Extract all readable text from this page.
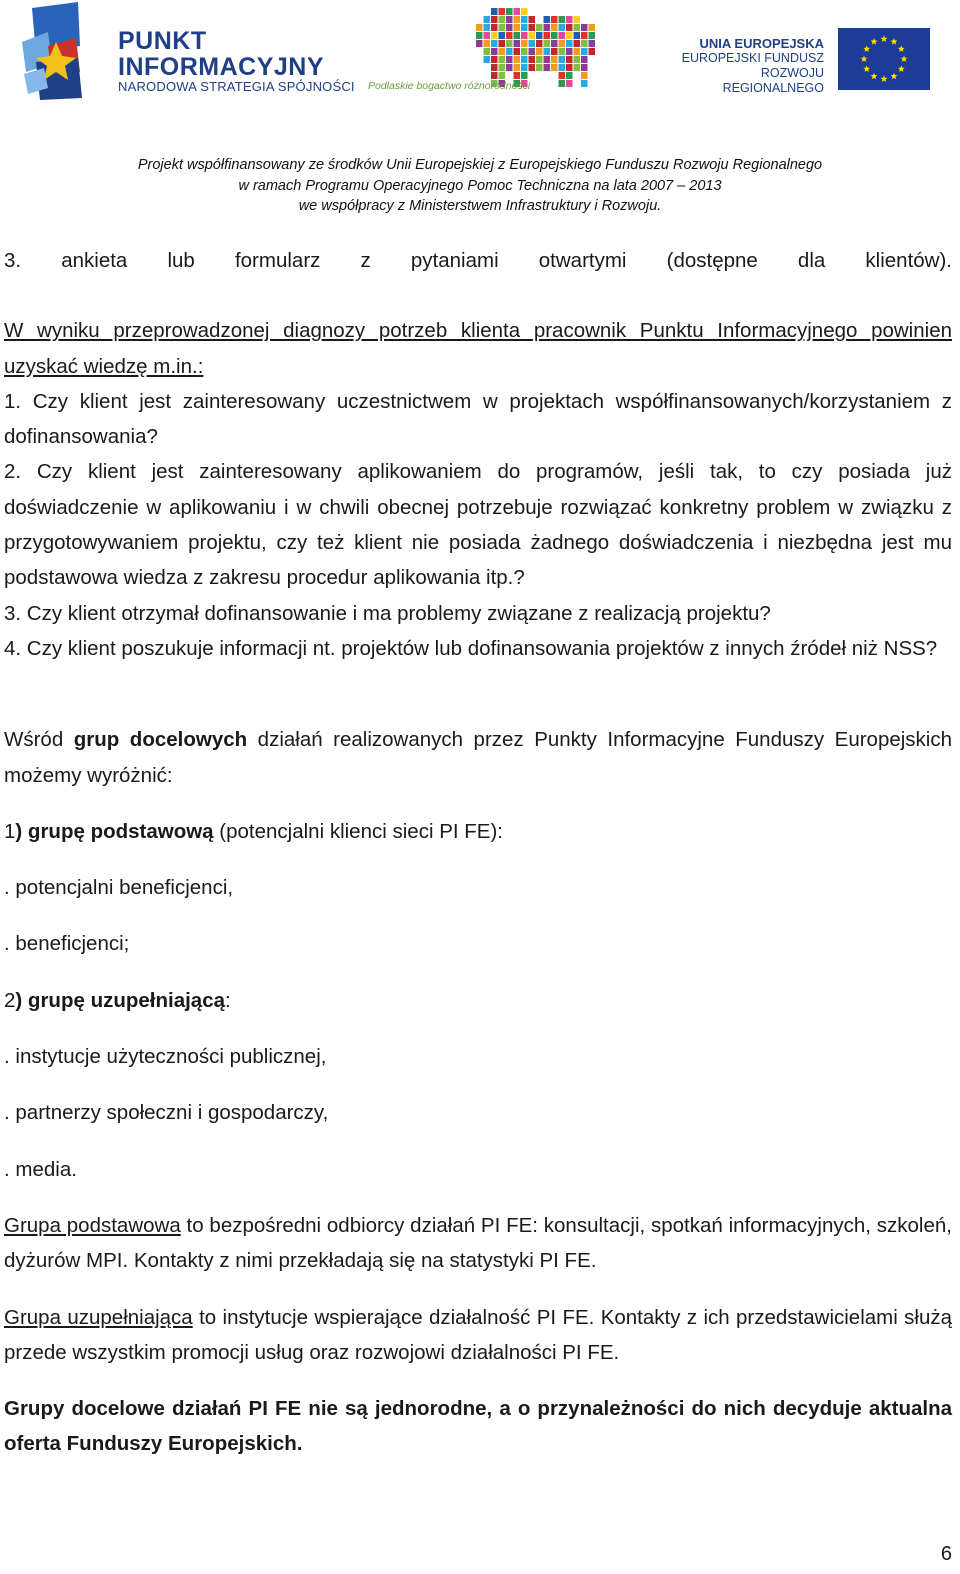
PUNKT
INFORMACYJNY
NARODOWA STRATEGIA SPÓJNOŚCI Podlaskie bogactwo różnorodności
UNIA EUROPEJSKA
EUROPEJSKI FUNDUSZ
ROZWOJU REGIONALNEGO
Projekt współfinansowany ze środków Unii Europejskiej z Europejskiego Funduszu Rozwoju Regionalnego
w ramach Programu Operacyjnego Pomoc Techniczna na lata 2007 – 2013
we współpracy z Ministerstwem Infrastruktury i Rozwoju.

3. ankieta lub formularz z pytaniami otwartymi (dostępne dla klientów).

W wyniku przeprowadzonej diagnozy potrzeb klienta pracownik Punktu Informacyjnego powinien uzyskać wiedzę m.in.:

1. Czy klient jest zainteresowany uczestnictwem w projektach współfinansowanych/korzystaniem z dofinansowania?

2. Czy klient jest zainteresowany aplikowaniem do programów, jeśli tak, to czy posiada już doświadczenie w aplikowaniu i w chwili obecnej potrzebuje rozwiązać konkretny problem w związku z przygotowywaniem projektu, czy też klient nie posiada żadnego doświadczenia i niezbędna jest mu podstawowa wiedza z zakresu procedur aplikowania itp.?

3. Czy klient otrzymał dofinansowanie i ma problemy związane z realizacją projektu?

4. Czy klient poszukuje informacji nt. projektów lub dofinansowania projektów z innych źródeł niż NSS?

Wśród grup docelowych działań realizowanych przez Punkty Informacyjne Funduszy Europejskich możemy wyróżnić:

1) grupę podstawową (potencjalni klienci sieci PI FE):

. potencjalni beneficjenci,

. beneficjenci;

2) grupę uzupełniającą:

. instytucje użyteczności publicznej,

. partnerzy społeczni i gospodarczy,

. media.

Grupa podstawowa to bezpośredni odbiorcy działań PI FE: konsultacji, spotkań informacyjnych, szkoleń, dyżurów MPI. Kontakty z nimi przekładają się na statystyki PI FE.

Grupa uzupełniająca to instytucje wspierające działalność PI FE. Kontakty z ich przedstawicielami służą przede wszystkim promocji usług oraz rozwojowi działalności PI FE.

Grupy docelowe działań PI FE nie są jednorodne, a o przynależności do nich decyduje aktualna oferta Funduszy Europejskich.

6
